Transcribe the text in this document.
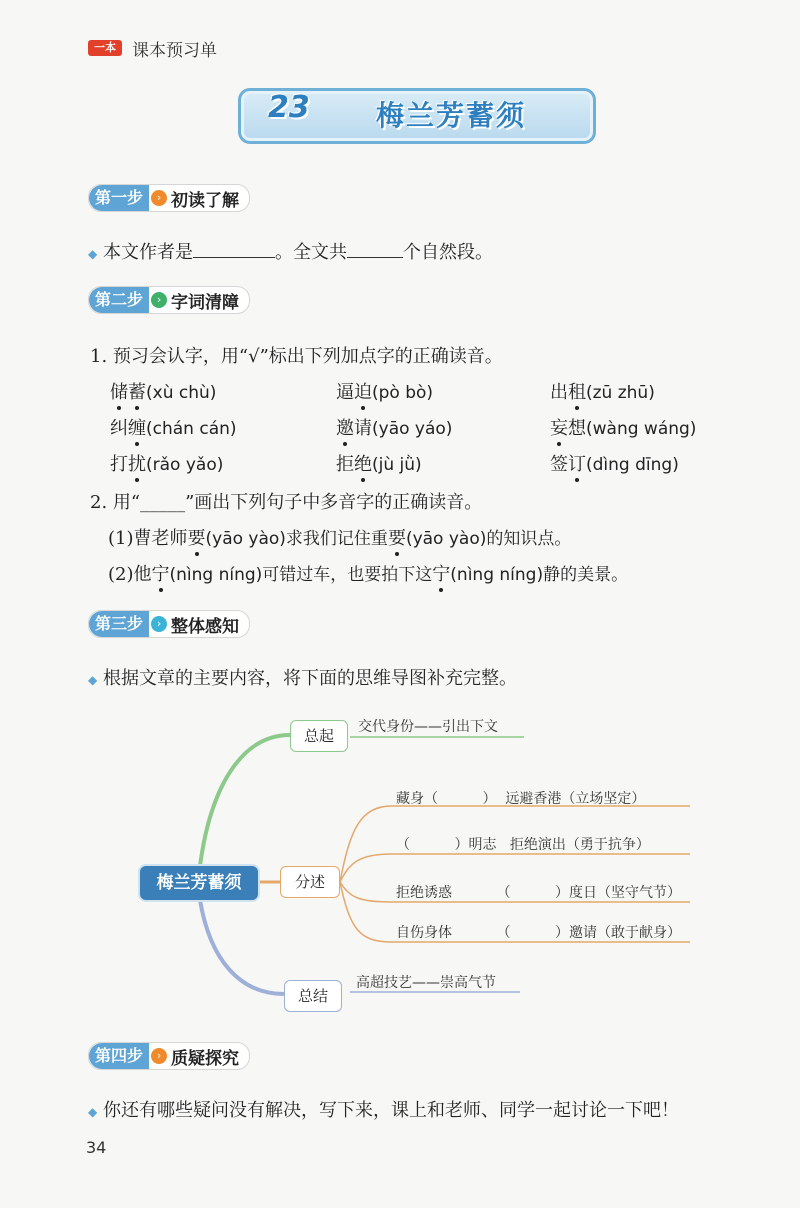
一本 课本预习单
23 梅兰芳蓄须
第一步	› 初读了解
◆ 本文作者是	。全文共	个自然段。
第二步	› 字词清障
1. 预习会认字，用“√”标出下列加点字的正确读音。
储蓄(xù chù)	逼迫(pò bò)	出租(zū zhū)
纠缠(chán cán)	邀请(yāo yáo)	妄想(wàng wáng)
打扰(rǎo yǎo)	拒绝(jù jǜ)	签订(dìng dīng)
2. 用“_____”画出下列句子中多音字的正确读音。
(1)曹老师要(yāo yào)求我们记住重要(yāo yào)的知识点。
(2)他宁(nìng níng)可错过车，也要拍下这宁(nìng níng)静的美景。
第三步	› 整体感知
◆ 根据文章的主要内容，将下面的思维导图补充完整。
梅兰芳蓄须
总起	交代身份——引出下文
分述
藏身（          ）  远避香港（立场坚定）
（          ）明志   拒绝演出（勇于抗争）
拒绝诱惑          （          ）度日（坚守气节）
自伤身体          （          ）邀请（敢于献身）
总结
高超技艺——崇高气节
第四步	› 质疑探究
◆ 你还有哪些疑问没有解决，写下来，课上和老师、同学一起讨论一下吧！
34
